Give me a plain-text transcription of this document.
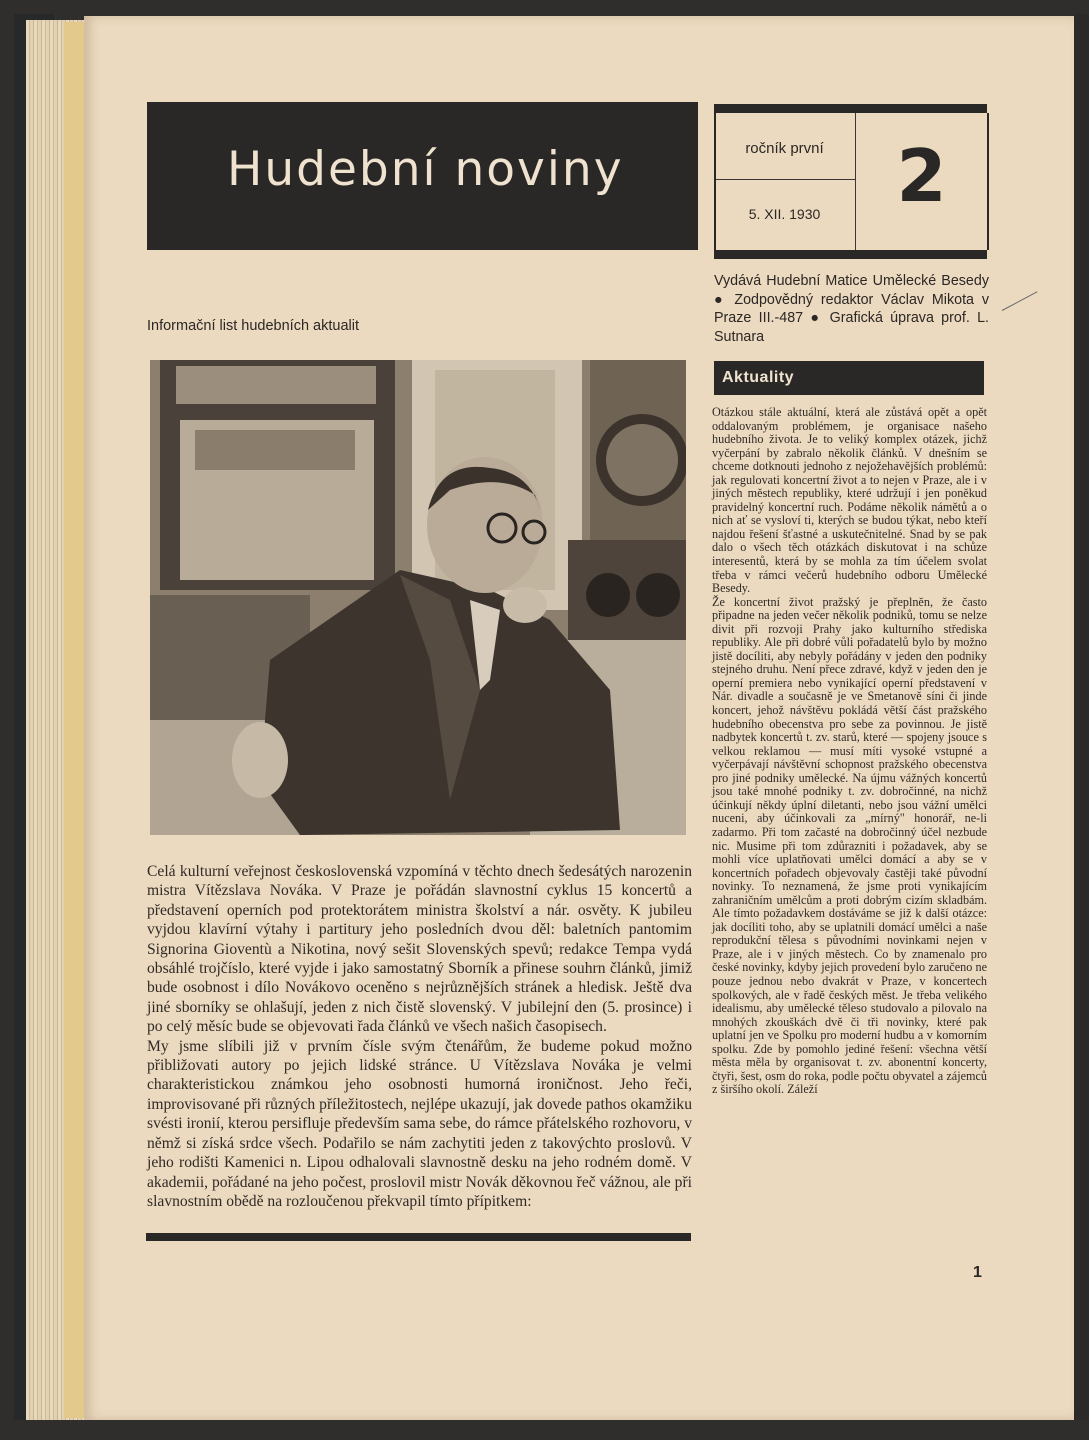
Hudební noviny	ročník první
5. XII. 1930	2
Vydává Hudební Matice Umělecké Besedy ● Zodpovědný redaktor Václav Mikota v Praze III.-487 ● Grafická úprava prof. L. Sutnara
Informační list hudebních aktualit

Celá kulturní veřejnost československá vzpomíná v těchto dnech šedesátých narozenin mistra Vítězslava Nováka. V Praze je pořádán slavnostní cyklus 15 koncertů a představení operních pod protektorátem ministra školství a nár. osvěty. K jubileu vyjdou klavírní výtahy i partitury jeho posledních dvou děl: baletních pantomim Signorina Gioventù a Nikotina, nový sešit Slovenských spevů; redakce Tempa vydá obsáhlé trojčíslo, které vyjde i jako samostatný Sborník a přinese souhrn článků, jimiž bude osobnost i dílo Novákovo oceněno s nejrůznějších stránek a hledisk. Ještě dva jiné sborníky se ohlašují, jeden z nich čistě slovenský. V jubilejní den (5. prosince) i po celý měsíc bude se objevovati řada článků ve všech našich časopisech.

My jsme slíbili již v prvním čísle svým čtenářům, že budeme pokud možno přibližovati autory po jejich lidské stránce. U Vítězslava Nováka je velmi charakteristickou známkou jeho osobnosti humorná ironičnost. Jeho řeči, improvisované při různých příležitostech, nejlépe ukazují, jak dovede pathos okamžiku svésti ironií, kterou persifluje především sama sebe, do rámce přátelského rozhovoru, v němž si získá srdce všech. Podařilo se nám zachytiti jeden z takovýchto proslovů. V jeho rodišti Kamenici n. Lipou odhalovali slavnostně desku na jeho rodném domě. V akademii, pořádané na jeho počest, proslovil mistr Novák děkovnou řeč vážnou, ale při slavnostním obědě na rozloučenou překvapil tímto přípitkem:

Aktuality

Otázkou stále aktuální, která ale zůstává opět a opět oddalovaným problémem, je organisace našeho hudebního života. Je to veliký komplex otázek, jichž vyčerpání by zabralo několik článků. V dnešním se chceme dotknouti jednoho z nejožehavějších problémů: jak regulovati koncertní život a to nejen v Praze, ale i v jiných městech republiky, které udržují i jen poněkud pravidelný koncertní ruch. Podáme několik námětů a o nich ať se vysloví ti, kterých se budou týkat, nebo kteří najdou řešení šťastné a uskutečnitelné. Snad by se pak dalo o všech těch otázkách diskutovat i na schůze interesentů, která by se mohla za tím účelem svolat třeba v rámci večerů hudebního odboru Umělecké Besedy.

Že koncertní život pražský je přeplněn, že často připadne na jeden večer několik podniků, tomu se nelze divit při rozvoji Prahy jako kulturního střediska republiky. Ale při dobré vůli pořadatelů bylo by možno jistě docíliti, aby nebyly pořádány v jeden den podniky stejného druhu. Není přece zdravé, když v jeden den je operní premiera nebo vynikající operní představení v Nár. divadle a současně je ve Smetanově síni či jinde koncert, jehož návštěvu pokládá větší část pražského hudebního obecenstva pro sebe za povinnou. Je jistě nadbytek koncertů t. zv. starů, které — spojeny jsouce s velkou reklamou — musí míti vysoké vstupné a vyčerpávají návštěvní schopnost pražského obecenstva pro jiné podniky umělecké. Na újmu vážných koncertů jsou také mnohé podniky t. zv. dobročinné, na nichž účinkují někdy úplní diletanti, nebo jsou vážní umělci nuceni, aby účinkovali za „mírný" honorář, ne-li zadarmo. Při tom začasté na dobročinný účel nezbude nic. Musime při tom zdůrazniti i požadavek, aby se mohli více uplatňovati umělci domácí a aby se v koncertních pořadech objevovaly častěji také původní novinky. To neznamená, že jsme proti vynikajícím zahraničním umělcům a proti dobrým cizím skladbám. Ale tímto požadavkem dostáváme se již k další otázce: jak docíliti toho, aby se uplatnili domácí umělci a naše reprodukční tělesa s původními novinkami nejen v Praze, ale i v jiných městech. Co by znamenalo pro české novinky, kdyby jejich provedení bylo zaručeno ne pouze jednou nebo dvakrát v Praze, v koncertech spolkových, ale v řadě českých měst. Je třeba velikého idealismu, aby umělecké těleso studovalo a pilovalo na mnohých zkouškách dvě či tři novinky, které pak uplatní jen ve Spolku pro moderní hudbu a v komorním spolku. Zde by pomohlo jediné řešení: všechna větší města měla by organisovat t. zv. abonentní koncerty, čtyři, šest, osm do roka, podle počtu obyvatel a zájemců z širšího okolí. Záleží

1
